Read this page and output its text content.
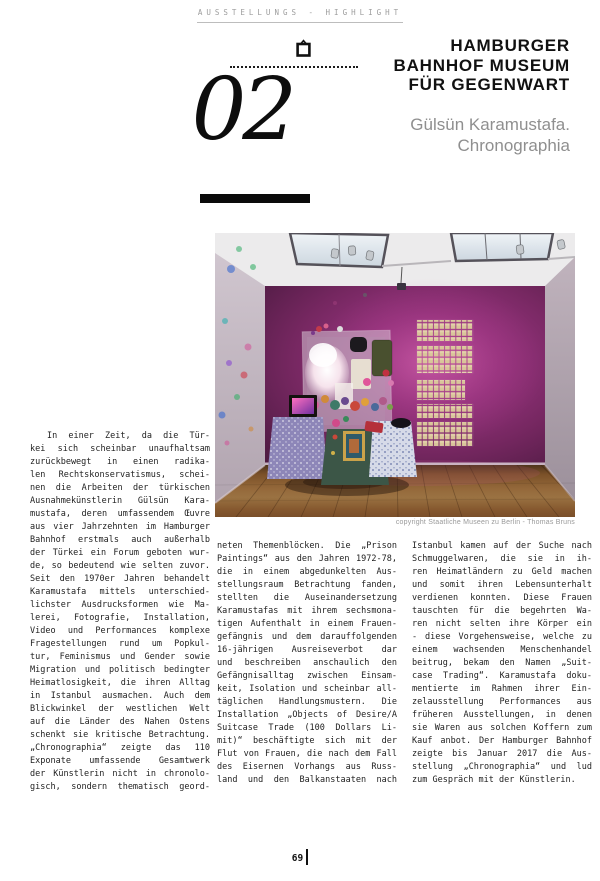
AUSSTELLUNGS - HIGHLIGHT
HAMBURGER
BAHNHOF MUSEUM
FÜR GEGENWART
02	Gülsün Karamustafa.
Chronographia
copyright Staatliche Museen zu Berlin - Thomas Bruns
In einer Zeit, da die Tür-
kei sich scheinbar unaufhaltsam
zurückbewegt in einen radika-
len Rechtskonservatismus, schei-
nen die Arbeiten der türkischen
Ausnahmekünstlerin Gülsün Kara-
mustafa, deren umfassendem Œuvre
aus vier Jahrzehnten im Hamburger
Bahnhof erstmals auch außerhalb
der Türkei ein Forum geboten wur-
de, so bedeutend wie selten zuvor.
Seit den 1970er Jahren behandelt
Karamustafa mittels unterschied-
lichster Ausdrucksformen wie Ma-
lerei, Fotografie, Installation,
Video und Performances komplexe
Fragestellungen rund um Popkul-
tur, Feminismus und Gender sowie
Migration und politisch bedingter
Heimatlosigkeit, die ihren Alltag
in Istanbul ausmachen. Auch dem
Blickwinkel der westlichen Welt
auf die Länder des Nahen Ostens
schenkt sie kritische Betrachtung.
„Chronographia“ zeigte das 110
Exponate umfassende Gesamtwerk
der Künstlerin nicht in chronolo-
gisch, sondern thematisch geord-
neten Themenblöcken. Die „Prison
Paintings“ aus den Jahren 1972-78,
die in einem abgedunkelten Aus-
stellungsraum Betrachtung fanden,
stellten die Auseinandersetzung
Karamustafas mit ihrem sechsmona-
tigen Aufenthalt in einem Frauen-
gefängnis und dem darauffolgenden
16-jährigen Ausreiseverbot dar
und beschreiben anschaulich den
Gefängnisalltag zwischen Einsam-
keit, Isolation und scheinbar all-
täglichen Handlungsmustern. Die
Installation „Objects of Desire/A
Suitcase Trade (100 Dollars Li-
mit)“ beschäftigte sich mit der
Flut von Frauen, die nach dem Fall
des Eisernen Vorhangs aus Russ-
land und den Balkanstaaten nach
Istanbul kamen auf der Suche nach
Schmuggelwaren, die sie in ih-
ren Heimatländern zu Geld machen
und somit ihren Lebensunterhalt
verdienen konnten. Diese Frauen
tauschten für die begehrten Wa-
ren nicht selten ihre Körper ein
- diese Vorgehensweise, welche zu
einem wachsenden Menschenhandel
beitrug, bekam den Namen „Suit-
case Trading“. Karamustafa doku-
mentierte im Rahmen ihrer Ein-
zelausstellung Performances aus
früheren Ausstellungen, in denen
sie Waren aus solchen Koffern zum
Kauf anbot. Der Hamburger Bahnhof
zeigte bis Januar 2017 die Aus-
stellung „Chronographia“ und lud
zum Gespräch mit der Künstlerin.
69
